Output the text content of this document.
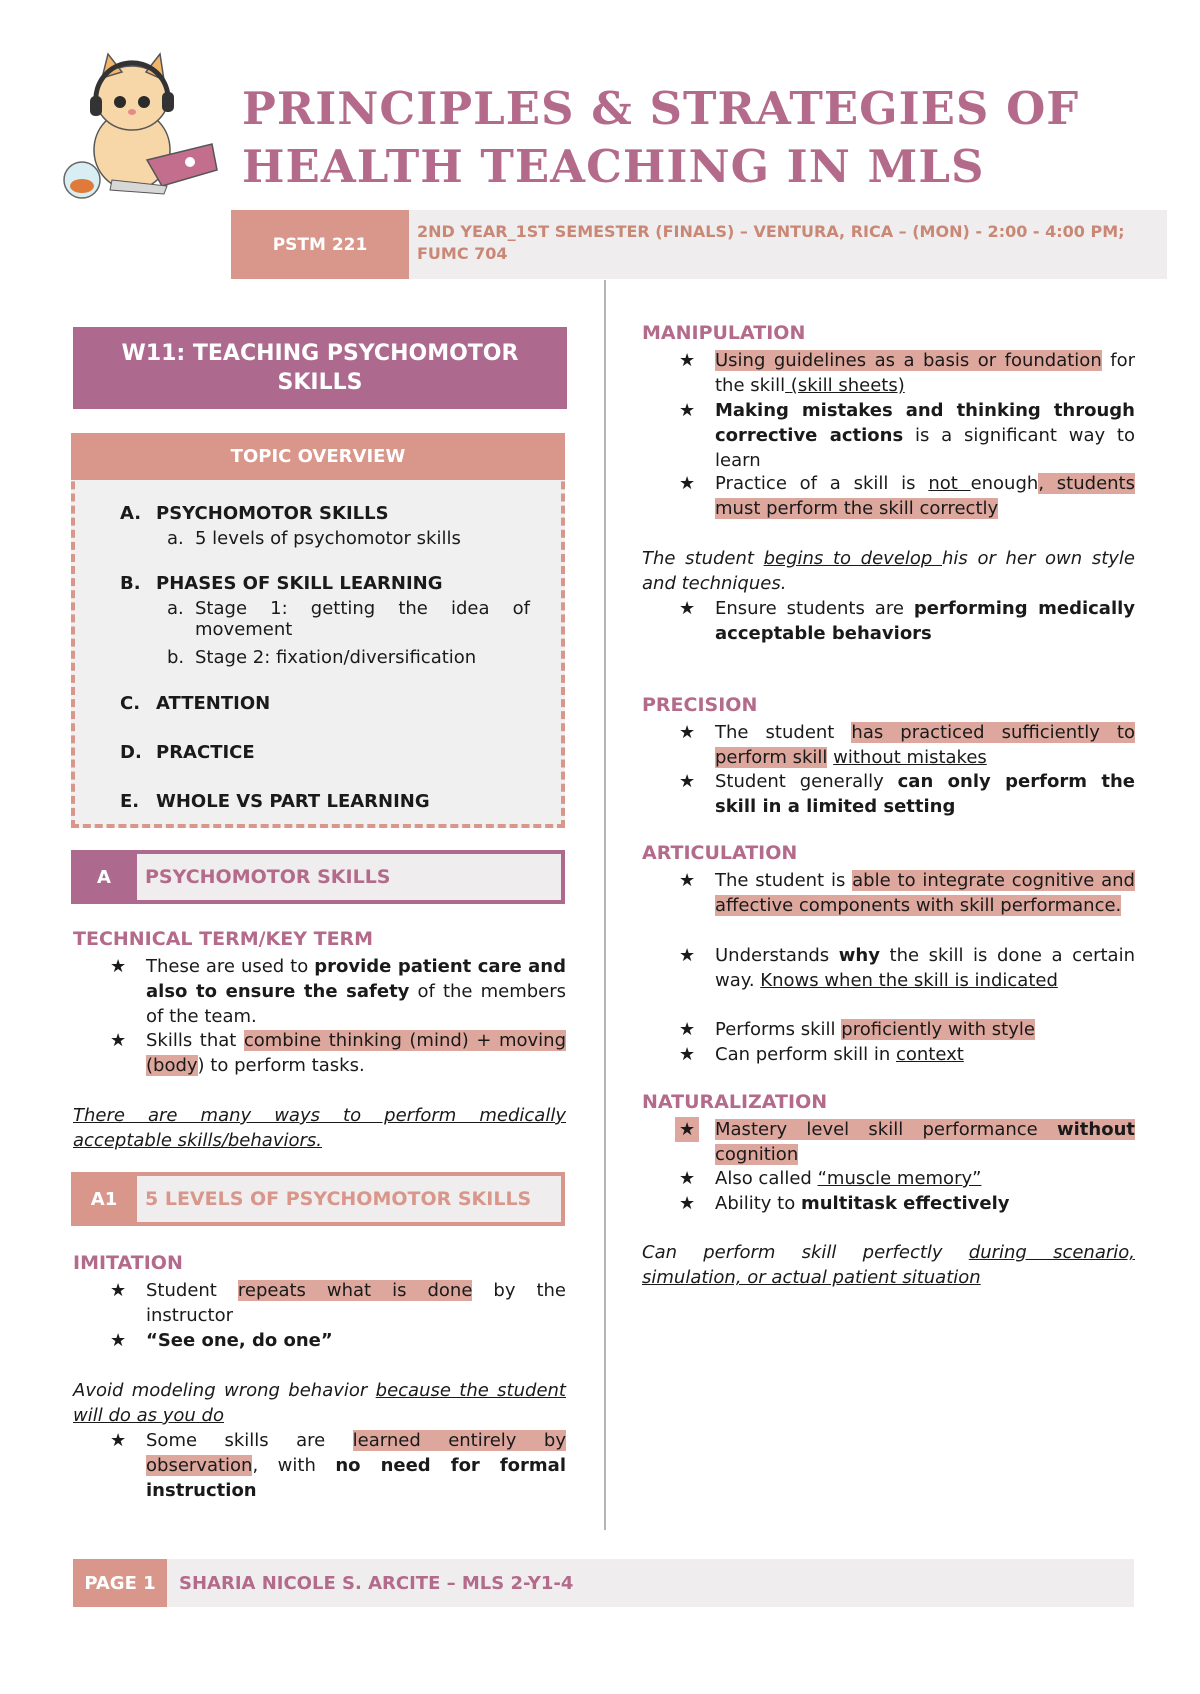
PRINCIPLES & STRATEGIES OF
HEALTH TEACHING IN MLS
PSTM 221
2ND YEAR_1ST SEMESTER (FINALS) – VENTURA, RICA – (MON) - 2:00 - 4:00 PM; FUMC 704
W11: TEACHING PSYCHOMOTOR SKILLS
TOPIC OVERVIEW
A. PSYCHOMOTOR SKILLS
a. 5 levels of psychomotor skills
B. PHASES OF SKILL LEARNING
a. Stage 1: getting the idea of movement
b. Stage 2: fixation/diversification
C. ATTENTION
D. PRACTICE
E. WHOLE VS PART LEARNING
A	PSYCHOMOTOR SKILLS
TECHNICAL TERM/KEY TERM
★ These are used to provide patient care and also to ensure the safety of the members of the team.
★ Skills that combine thinking (mind) + moving (body) to perform tasks.
There are many ways to perform medically acceptable skills/behaviors.
A1	5 LEVELS OF PSYCHOMOTOR SKILLS
IMITATION
★ Student repeats what is done by the instructor
★ “See one, do one”
Avoid modeling wrong behavior because the student will do as you do
★ Some skills are learned entirely by observation, with no need for formal instruction
MANIPULATION
★ Using guidelines as a basis or foundation for the skill (skill sheets)
★ Making mistakes and thinking through corrective actions is a significant way to learn
★ Practice of a skill is not enough, students must perform the skill correctly
The student begins to develop his or her own style and techniques.
★ Ensure students are performing medically acceptable behaviors
PRECISION
★ The student has practiced sufficiently to perform skill without mistakes
★ Student generally can only perform the skill in a limited setting
ARTICULATION
★ The student is able to integrate cognitive and affective components with skill performance.
★ Understands why the skill is done a certain way. Knows when the skill is indicated
★ Performs skill proficiently with style
★ Can perform skill in context
NATURALIZATION
★ Mastery level skill performance without cognition
★ Also called “muscle memory”
★ Ability to multitask effectively
Can perform skill perfectly during scenario, simulation, or actual patient situation
PAGE 1	SHARIA NICOLE S. ARCITE – MLS 2-Y1-4
